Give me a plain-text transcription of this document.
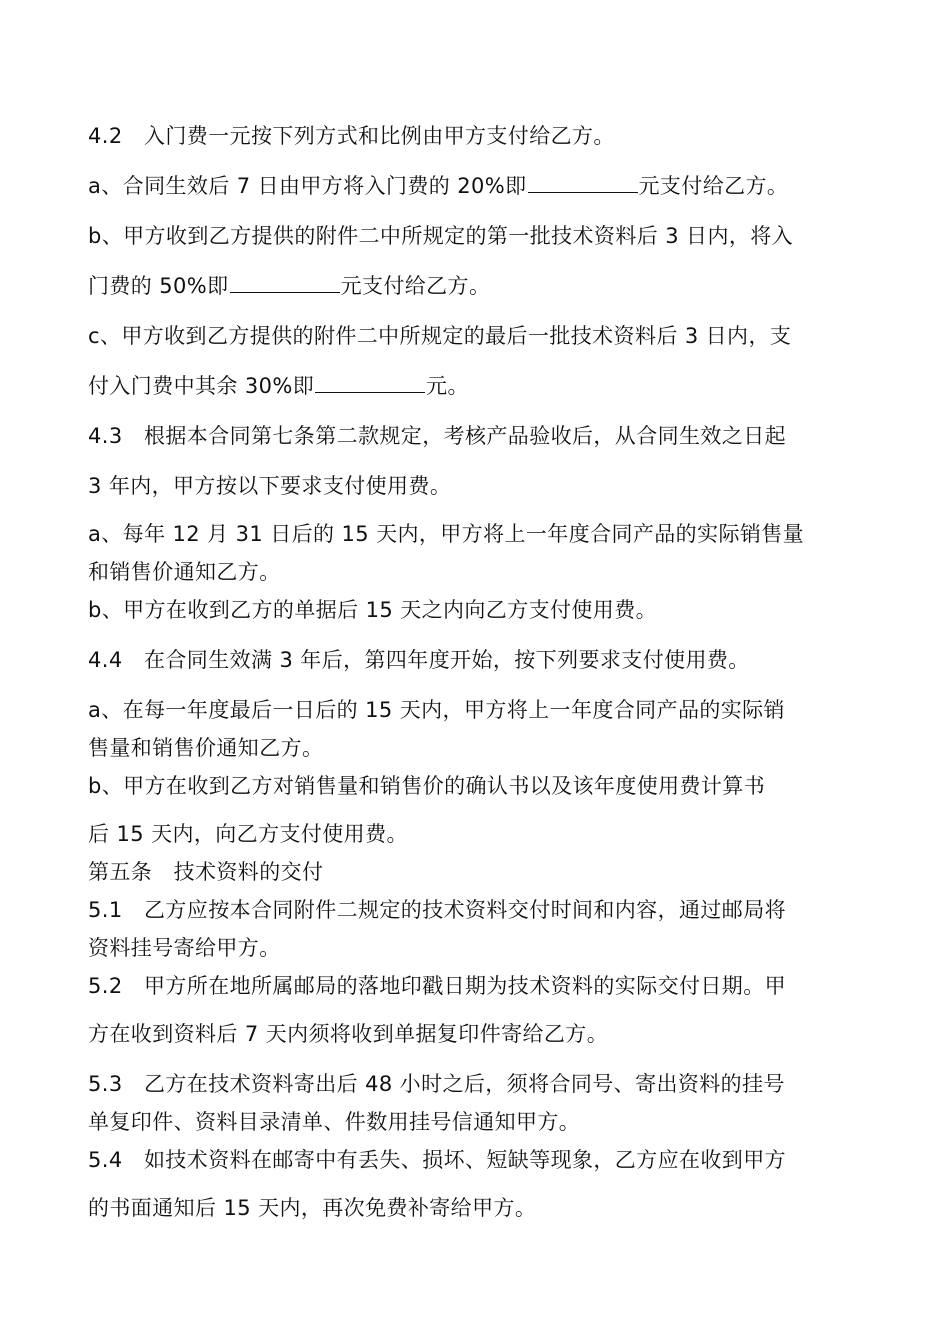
4.2　入门费一元按下列方式和比例由甲方支付给乙方。
a、合同生效后 7 日由甲方将入门费的 20%即	元支付给乙方。
b、甲方收到乙方提供的附件二中所规定的第一批技术资料后 3 日内，将入
门费的 50%即	元支付给乙方。
c、甲方收到乙方提供的附件二中所规定的最后一批技术资料后 3 日内，支
付入门费中其余 30%即	元。
4.3　根据本合同第七条第二款规定，考核产品验收后，从合同生效之日起
3 年内，甲方按以下要求支付使用费。
a、每年 12 月 31 日后的 15 天内，甲方将上一年度合同产品的实际销售量
和销售价通知乙方。
b、甲方在收到乙方的单据后 15 天之内向乙方支付使用费。
4.4　在合同生效满 3 年后，第四年度开始，按下列要求支付使用费。
a、在每一年度最后一日后的 15 天内，甲方将上一年度合同产品的实际销
售量和销售价通知乙方。
b、甲方在收到乙方对销售量和销售价的确认书以及该年度使用费计算书
后 15 天内，向乙方支付使用费。
第五条　技术资料的交付
5.1　乙方应按本合同附件二规定的技术资料交付时间和内容，通过邮局将
资料挂号寄给甲方。
5.2　甲方所在地所属邮局的落地印戳日期为技术资料的实际交付日期。甲
方在收到资料后 7 天内须将收到单据复印件寄给乙方。
5.3　乙方在技术资料寄出后 48 小时之后，须将合同号、寄出资料的挂号
单复印件、资料目录清单、件数用挂号信通知甲方。
5.4　如技术资料在邮寄中有丢失、损坏、短缺等现象，乙方应在收到甲方
的书面通知后 15 天内，再次免费补寄给甲方。
